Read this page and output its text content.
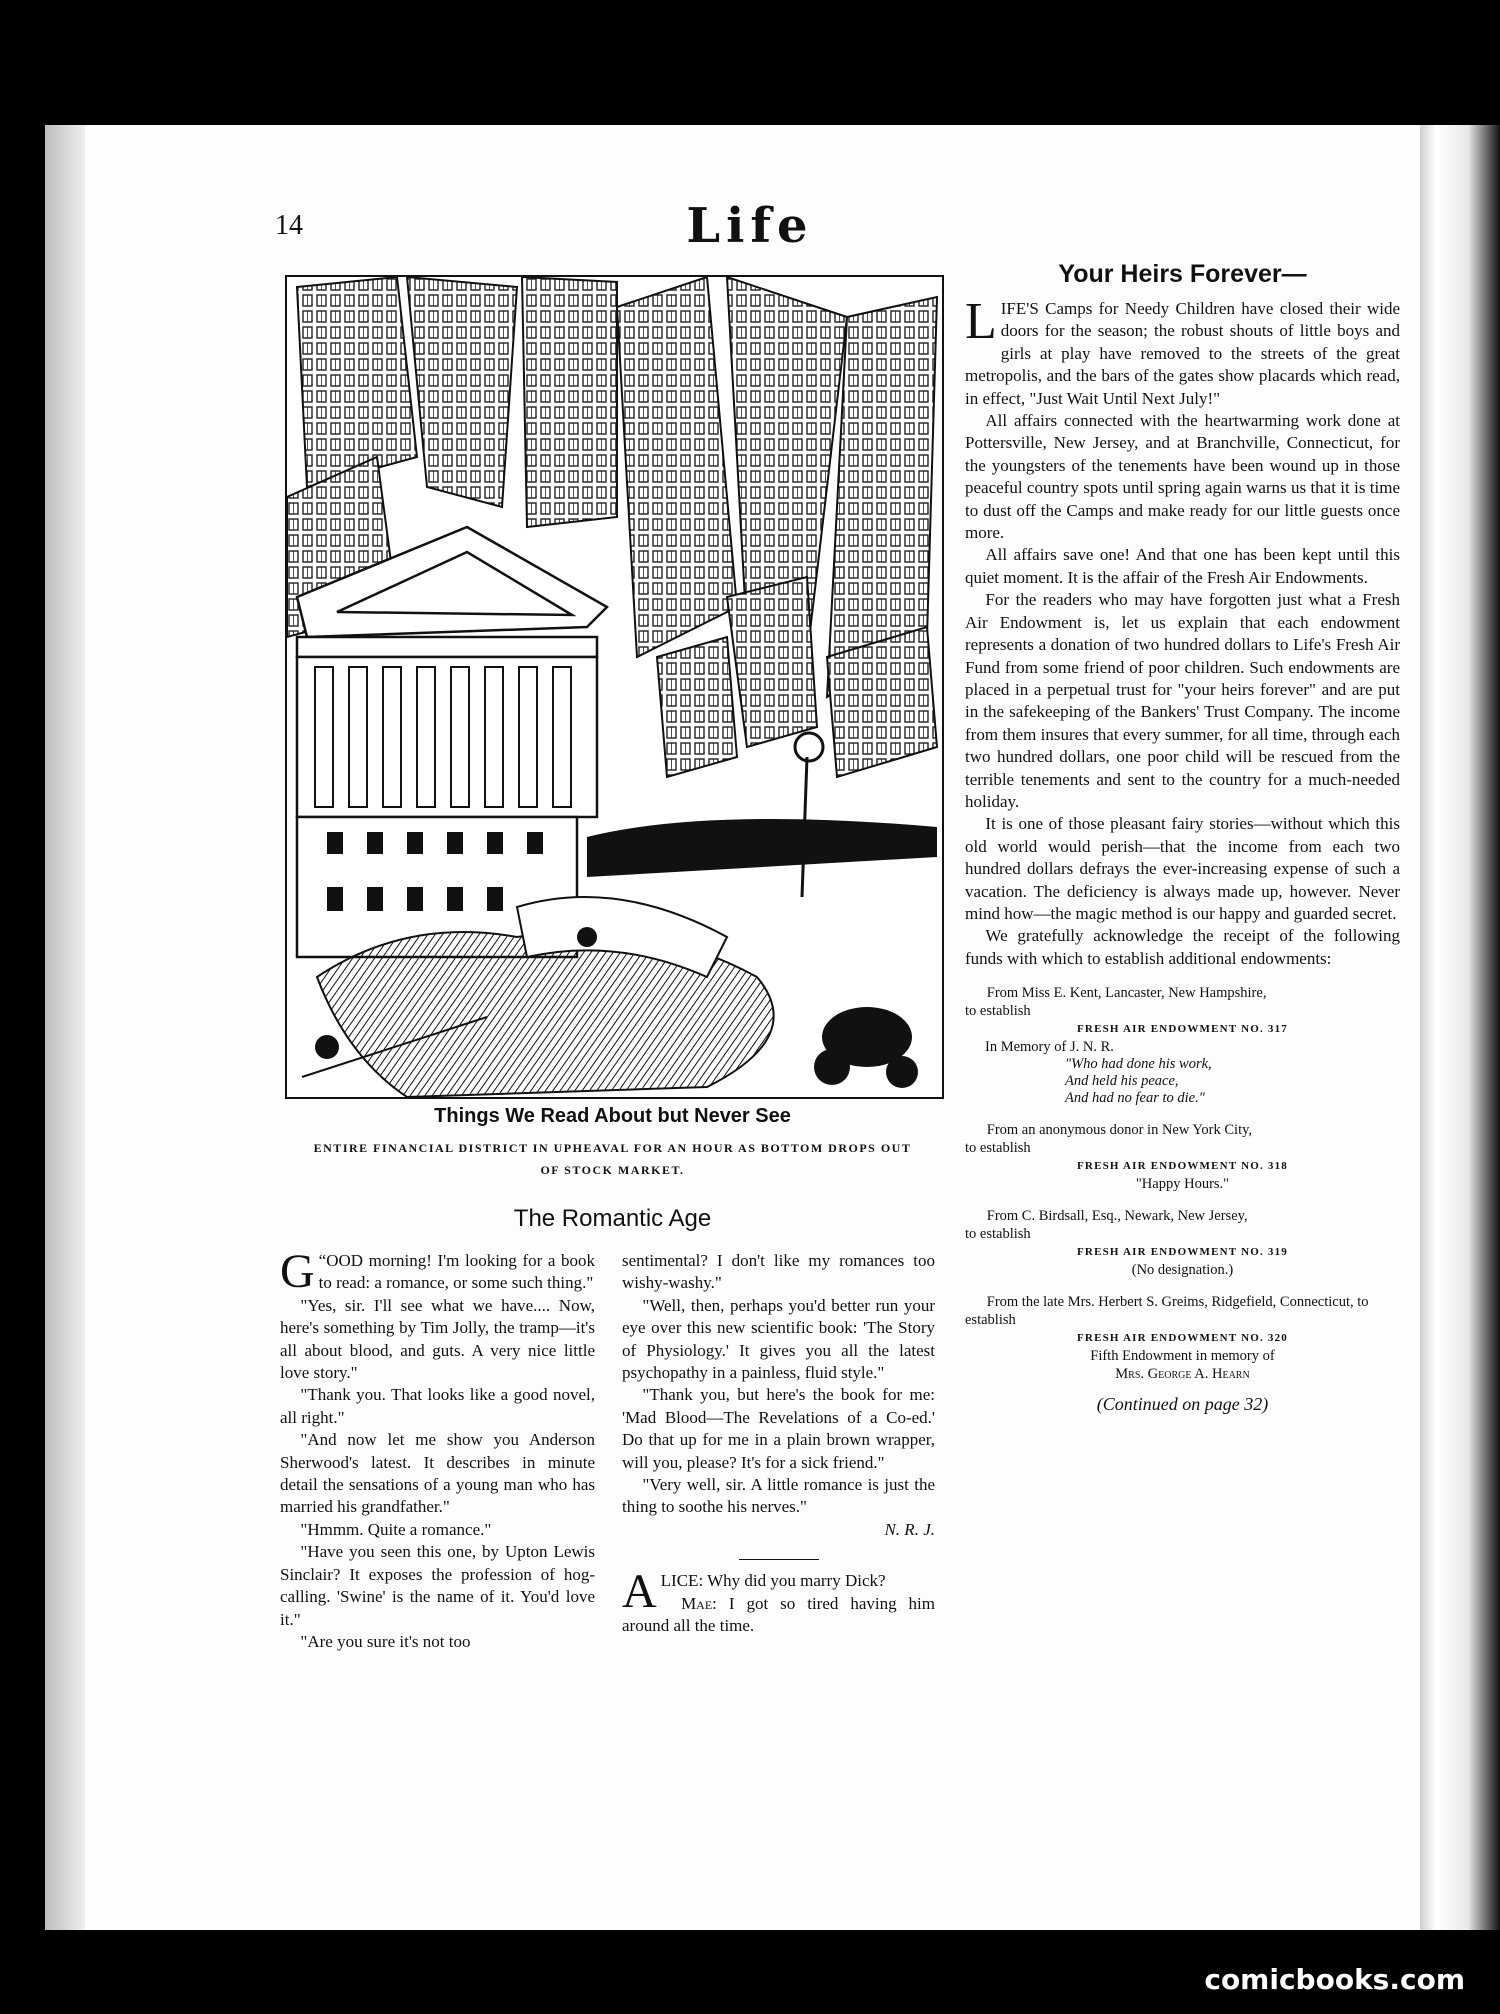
14	Life
Things We Read About but Never See
ENTIRE FINANCIAL DISTRICT IN UPHEAVAL FOR AN HOUR AS BOTTOM DROPS OUT OF STOCK MARKET.
The Romantic Age

“
G OOD morning! I'm looking for a book to read: a romance, or some such thing."

"Yes, sir. I'll see what we have.... Now, here's something by Tim Jolly, the tramp—it's all about blood, and guts. A very nice little love story."

"Thank you. That looks like a good novel, all right."

"And now let me show you Anderson Sherwood's latest. It describes in minute detail the sensations of a young man who has married his grandfather."

"Hmmm. Quite a romance."

"Have you seen this one, by Upton Lewis Sinclair? It exposes the profession of hog-calling. 'Swine' is the name of it. You'd love it."

"Are you sure it's not too

sentimental? I don't like my romances too wishy-washy."

"Well, then, perhaps you'd better run your eye over this new scientific book: 'The Story of Physiology.' It gives you all the latest psychopathy in a painless, fluid style."

"Thank you, but here's the book for me: 'Mad Blood—The Revelations of a Co-ed.' Do that up for me in a plain brown wrapper, will you, please? It's for a sick friend."

"Very well, sir. A little romance is just the thing to soothe his nerves."

N. R. J.

ALICE: Why did you marry Dick?

Mae: I got so tired having him around all the time.

Your Heirs Forever—

LIFE'S Camps for Needy Children have closed their wide doors for the season; the robust shouts of little boys and girls at play have removed to the streets of the great metropolis, and the bars of the gates show placards which read, in effect, "Just Wait Until Next July!"

All affairs connected with the heartwarming work done at Pottersville, New Jersey, and at Branchville, Connecticut, for the youngsters of the tenements have been wound up in those peaceful country spots until spring again warns us that it is time to dust off the Camps and make ready for our little guests once more.

All affairs save one! And that one has been kept until this quiet moment. It is the affair of the Fresh Air Endowments.

For the readers who may have forgotten just what a Fresh Air Endowment is, let us explain that each endowment represents a donation of two hundred dollars to Life's Fresh Air Fund from some friend of poor children. Such endowments are placed in a perpetual trust for "your heirs forever" and are put in the safekeeping of the Bankers' Trust Company. The income from them insures that every summer, for all time, through each two hundred dollars, one poor child will be rescued from the terrible tenements and sent to the country for a much-needed holiday.

It is one of those pleasant fairy stories—without which this old world would perish—that the income from each two hundred dollars defrays the ever-increasing expense of such a vacation. The deficiency is always made up, however. Never mind how—the magic method is our happy and guarded secret.

We gratefully acknowledge the receipt of the following funds with which to establish additional endowments:

From Miss E. Kent, Lancaster, New Hampshire,
to establish
FRESH AIR ENDOWMENT NO. 317
In Memory of J. N. R.
"Who had done his work,
And held his peace,
And had no fear to die."
From an anonymous donor in New York City,
to establish
FRESH AIR ENDOWMENT NO. 318
"Happy Hours."
From C. Birdsall, Esq., Newark, New Jersey,
to establish
FRESH AIR ENDOWMENT NO. 319
(No designation.)
From the late Mrs. Herbert S. Greims, Ridgefield, Connecticut, to establish
FRESH AIR ENDOWMENT NO. 320
Fifth Endowment in memory of
Mrs. George A. Hearn
(Continued on page 32)
comicbooks.com
